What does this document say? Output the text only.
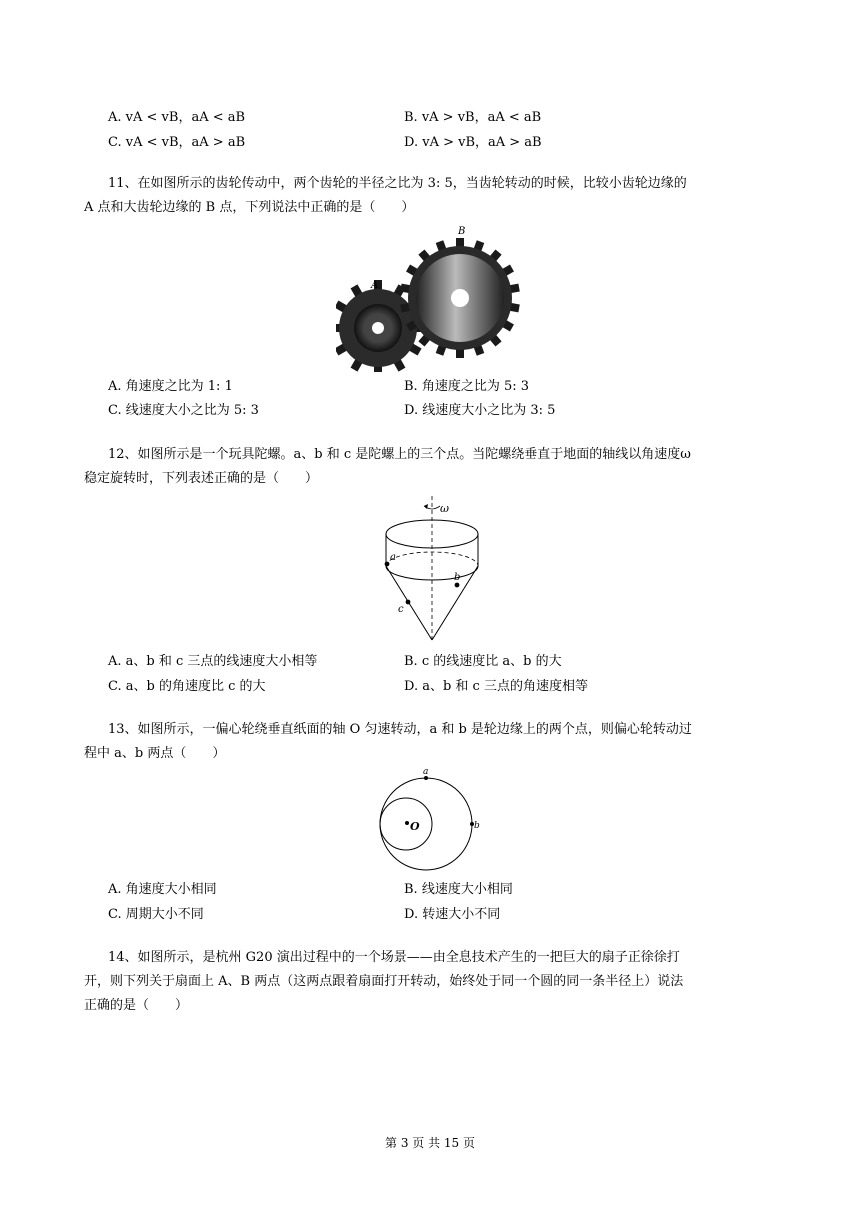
A. vA < vB，aA < aB	B. vA > vB，aA < aB
C. vA < vB，aA > aB	D. vA > vB，aA > aB
11、在如图所示的齿轮传动中，两个齿轮的半径之比为 3: 5，当齿轮转动的时候，比较小齿轮边缘的
A 点和大齿轮边缘的 B 点，下列说法中正确的是（　　）
A
B
A. 角速度之比为 1: 1	B. 角速度之比为 5: 3
C. 线速度大小之比为 5: 3	D. 线速度大小之比为 3: 5
12、如图所示是一个玩具陀螺。a、b 和 c 是陀螺上的三个点。当陀螺绕垂直于地面的轴线以角速度ω
稳定旋转时，下列表述正确的是（　　）
ω
a
b
c
A. a、b 和 c 三点的线速度大小相等	B. c 的线速度比 a、b 的大
C. a、b 的角速度比 c 的大	D. a、b 和 c 三点的角速度相等
13、如图所示，一偏心轮绕垂直纸面的轴 O 匀速转动，a 和 b 是轮边缘上的两个点，则偏心轮转动过
程中 a、b 两点（　　）
a
b
O
A. 角速度大小相同	B. 线速度大小相同
C. 周期大小不同	D. 转速大小不同
14、如图所示，是杭州 G20 演出过程中的一个场景——由全息技术产生的一把巨大的扇子正徐徐打
开，则下列关于扇面上 A、B 两点（这两点跟着扇面打开转动，始终处于同一个圆的同一条半径上）说法
正确的是（　　）
第 3 页 共 15 页
